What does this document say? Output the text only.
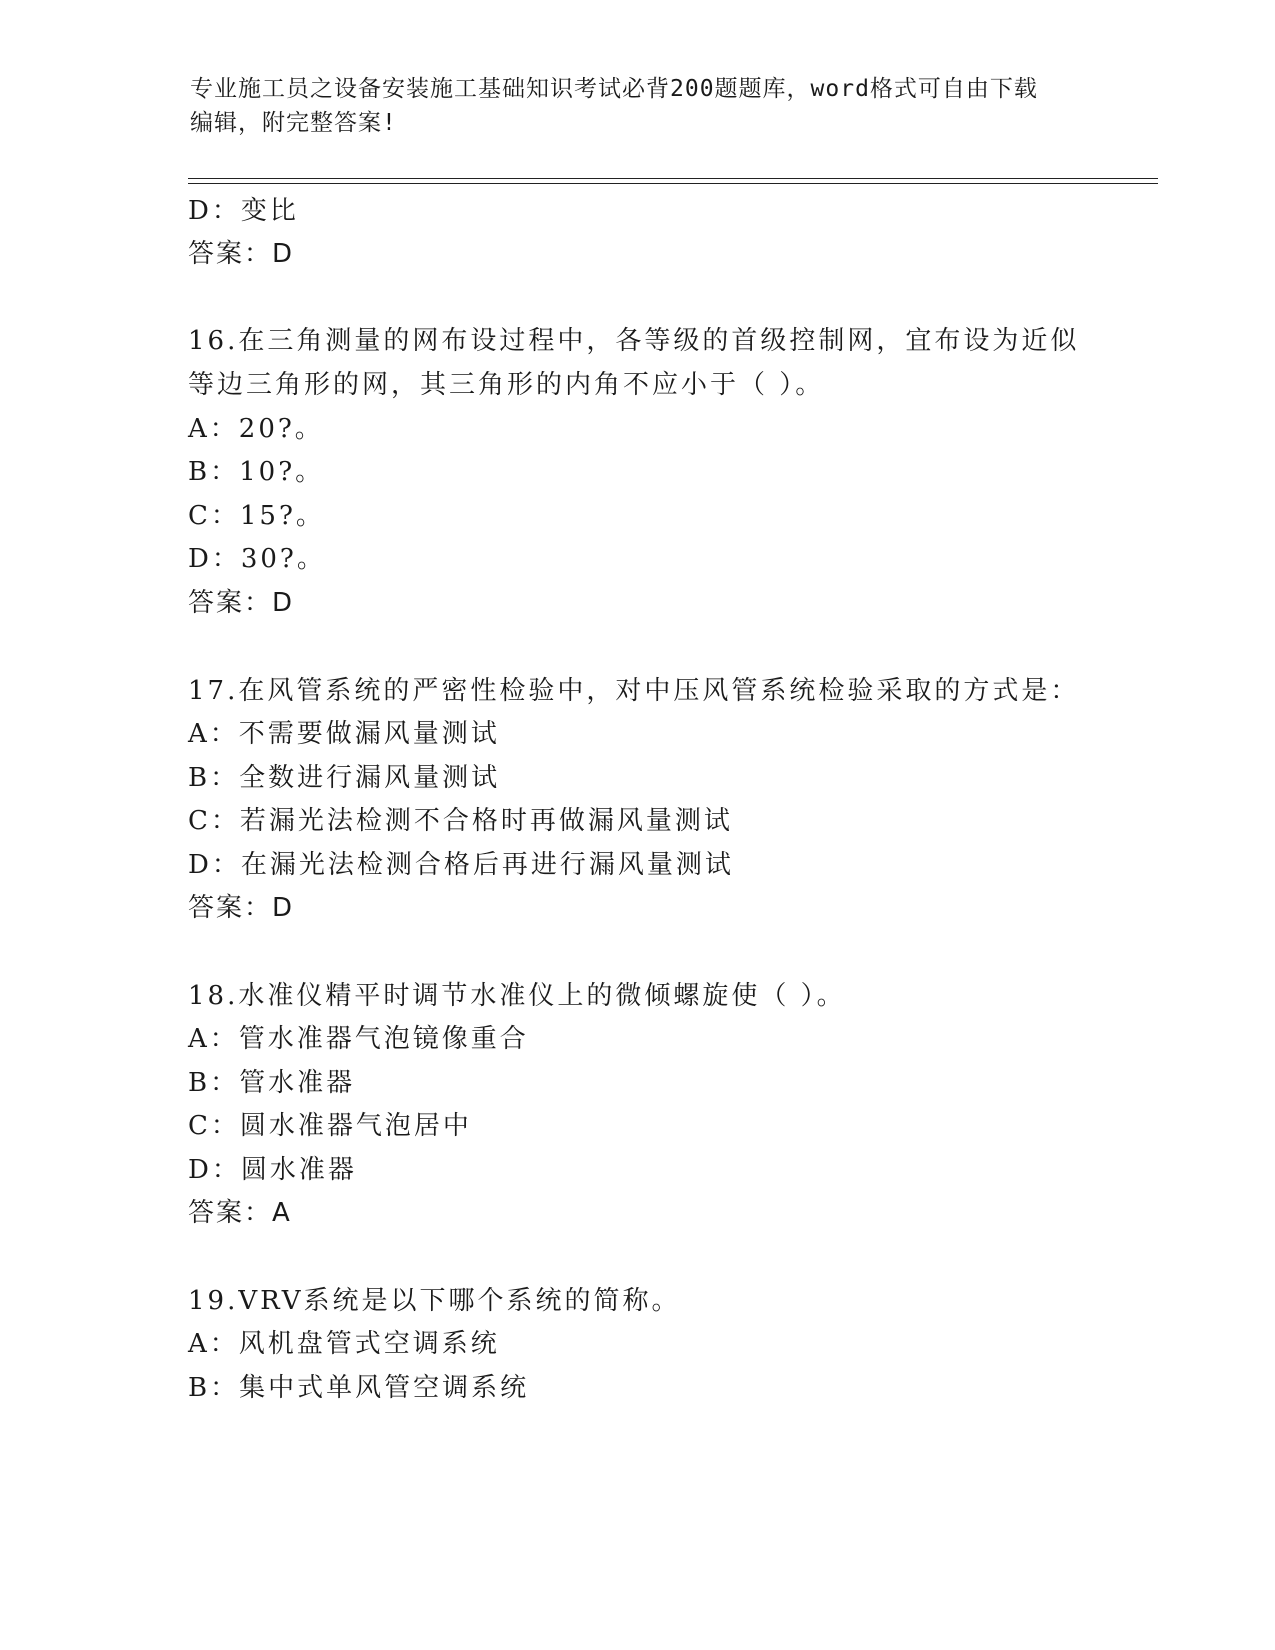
专业施工员之设备安装施工基础知识考试必背200题题库，word格式可自由下载
编辑，附完整答案!
D：变比
答案：D
16.在三角测量的网布设过程中，各等级的首级控制网，宜布设为近似
等边三角形的网，其三角形的内角不应小于（ ）。
A：20?。
B：10?。
C：15?。
D：30?。
答案：D
17.在风管系统的严密性检验中，对中压风管系统检验采取的方式是：
A：不需要做漏风量测试
B：全数进行漏风量测试
C：若漏光法检测不合格时再做漏风量测试
D：在漏光法检测合格后再进行漏风量测试
答案：D
18.水准仪精平时调节水准仪上的微倾螺旋使（ ）。
A：管水准器气泡镜像重合
B：管水准器
C：圆水准器气泡居中
D：圆水准器
答案：A
19.VRV系统是以下哪个系统的简称。
A：风机盘管式空调系统
B：集中式单风管空调系统
